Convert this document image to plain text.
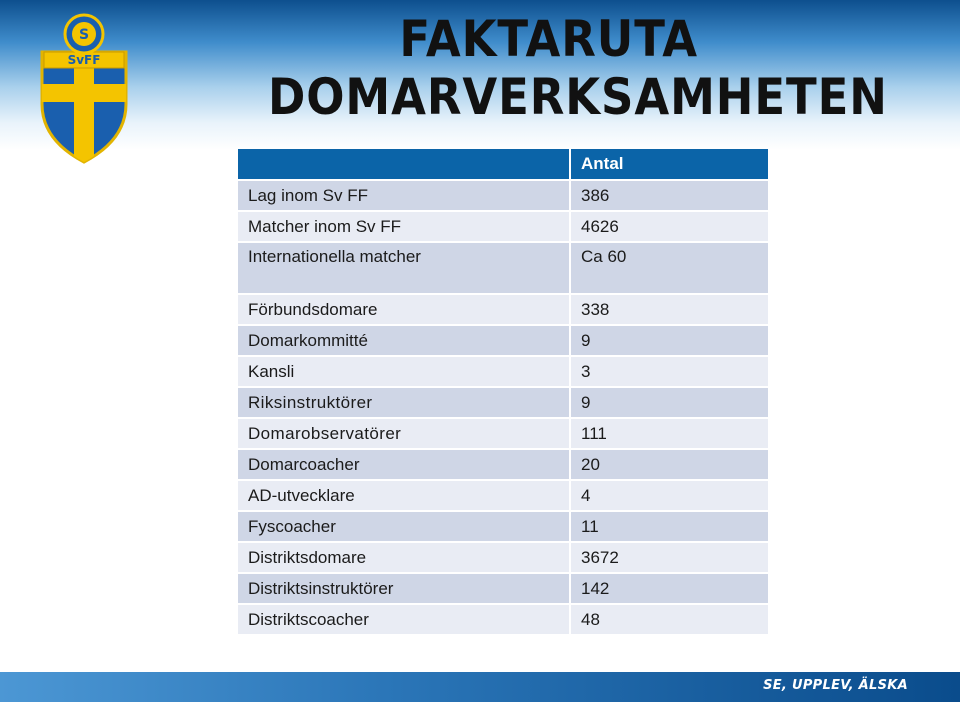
SvFF
S	FAKTARUTA

DOMARVERKSAMHETEN

	Antal
Lag inom Sv FF	386
Matcher inom Sv FF	4626
Internationella matcher	Ca 60
Förbundsdomare	338
Domarkommitté	9
Kansli	3
Riksinstruktörer	9
Domarobservatörer	111
Domarcoacher	20
AD-utvecklare	4
Fyscoacher	11
Distriktsdomare	3672
Distriktsinstruktörer	142
Distriktscoacher	48
SE, UPPLEV, ÄLSKA
